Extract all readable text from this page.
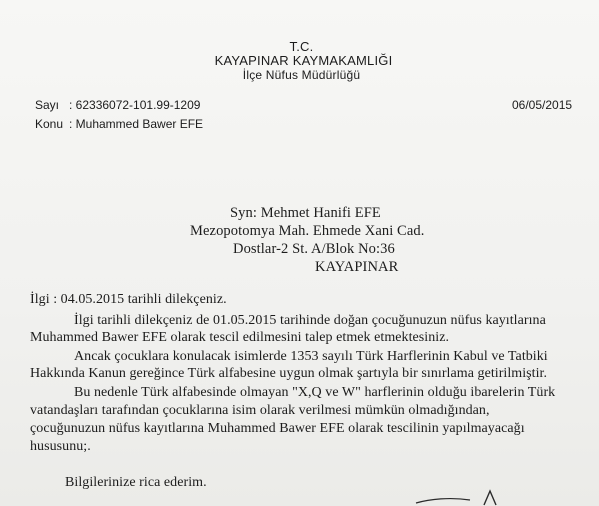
T.C.
KAYAPINAR KAYMAKAMLIĞI
İlçe Nüfus Müdürlüğü
Sayı : 62336072-101.99-1209
Konu : Muhammed Bawer EFE
06/05/2015
Syn: Mehmet Hanifi EFE
Mezopotomya Mah. Ehmede Xani Cad.
Dostlar-2 St. A/Blok No:36
KAYAPINAR
İlgi : 04.05.2015 tarihli dilekçeniz.
İlgi tarihli dilekçeniz de 01.05.2015 tarihinde doğan çocuğunuzun nüfus kayıtlarına
Muhammed Bawer EFE olarak tescil edilmesini talep etmek etmektesiniz.
Ancak çocuklara konulacak isimlerde 1353 sayılı Türk Harflerinin Kabul ve Tatbiki
Hakkında Kanun gereğince Türk alfabesine uygun olmak şartıyla bir sınırlama getirilmiştir.
Bu nedenle Türk alfabesinde olmayan "X,Q ve W" harflerinin olduğu ibarelerin Türk
vatandaşları tarafından çocuklarına isim olarak verilmesi mümkün olmadığından,
çocuğunuzun nüfus kayıtlarına Muhammed Bawer EFE olarak tescilinin yapılmayacağı
hususunu;.
Bilgilerinize rica ederim.
